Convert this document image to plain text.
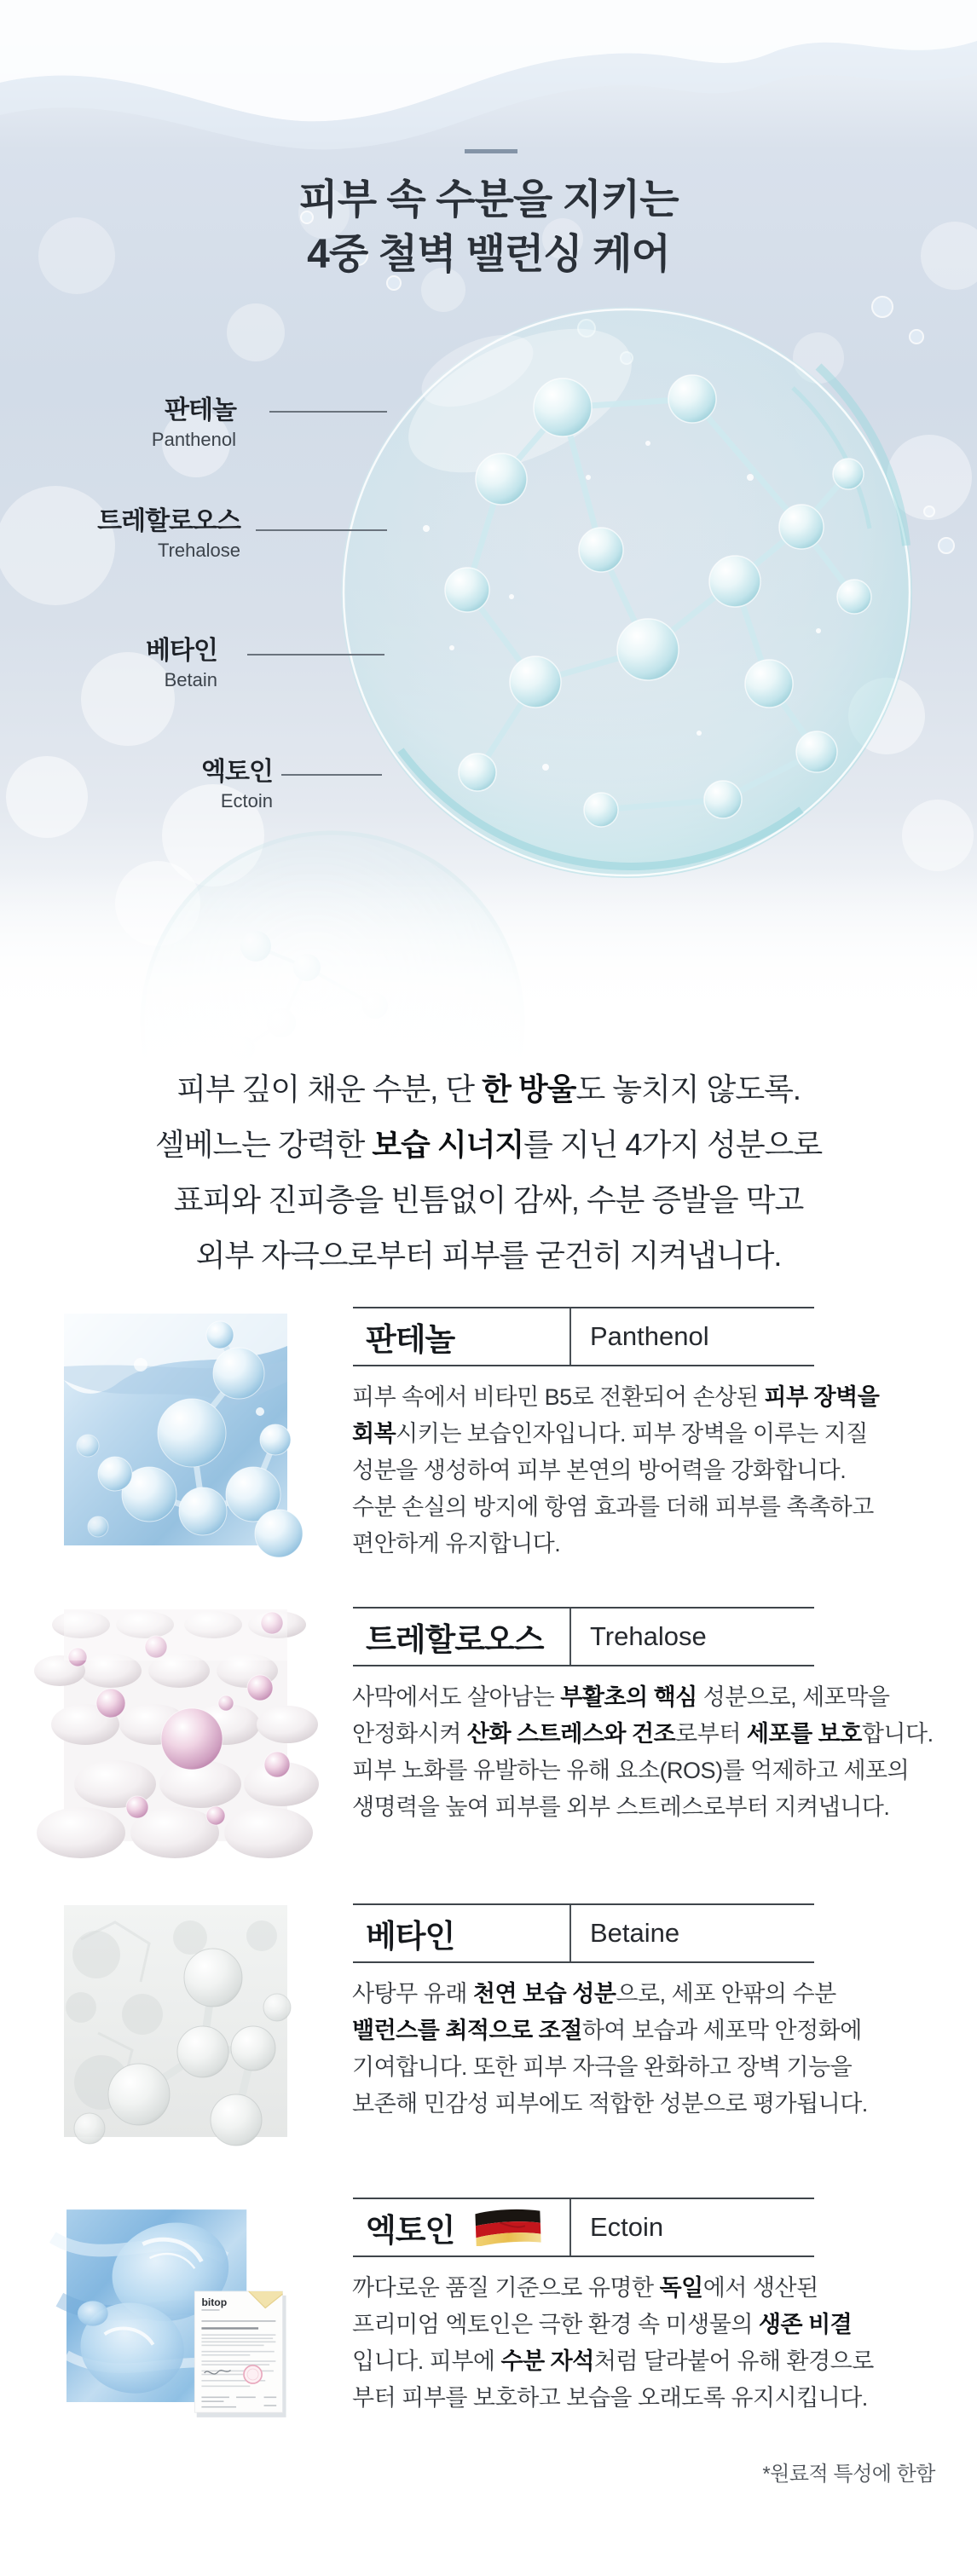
피부 속 수분을 지키는
4중 철벽 밸런싱 케어
판테놀
Panthenol
트레할로오스
Trehalose
베타인
Betain
엑토인
Ectoin
피부 깊이 채운 수분, 단 한 방울도 놓치지 않도록.
셀베느는 강력한 보습 시너지를 지닌 4가지 성분으로
표피와 진피층을 빈틈없이 감싸, 수분 증발을 막고
외부 자극으로부터 피부를 굳건히 지켜냅니다.
판테놀	Panthenol
피부 속에서 비타민 B5로 전환되어 손상된 피부 장벽을
회복시키는 보습인자입니다. 피부 장벽을 이루는 지질
성분을 생성하여 피부 본연의 방어력을 강화합니다.
수분 손실의 방지에 항염 효과를 더해 피부를 촉촉하고
편안하게 유지합니다.
트레할로오스 Trehalose
사막에서도 살아남는 부활초의 핵심 성분으로, 세포막을
안정화시켜 산화 스트레스와 건조로부터 세포를 보호합니다.
피부 노화를 유발하는 유해 요소(ROS)를 억제하고 세포의
생명력을 높여 피부를 외부 스트레스로부터 지켜냅니다.
베타인	Betaine
사탕무 유래 천연 보습 성분으로, 세포 안팎의 수분
밸런스를 최적으로 조절하여 보습과 세포막 안정화에
기여합니다. 또한 피부 자극을 완화하고 장벽 기능을
보존해 민감성 피부에도 적합한 성분으로 평가됩니다.
bitop
엑토인	Ectoin
까다로운 품질 기준으로 유명한 독일에서 생산된
프리미엄 엑토인은 극한 환경 속 미생물의 생존 비결
입니다. 피부에 수분 자석처럼 달라붙어 유해 환경으로
부터 피부를 보호하고 보습을 오래도록 유지시킵니다.
*원료적 특성에 한함
